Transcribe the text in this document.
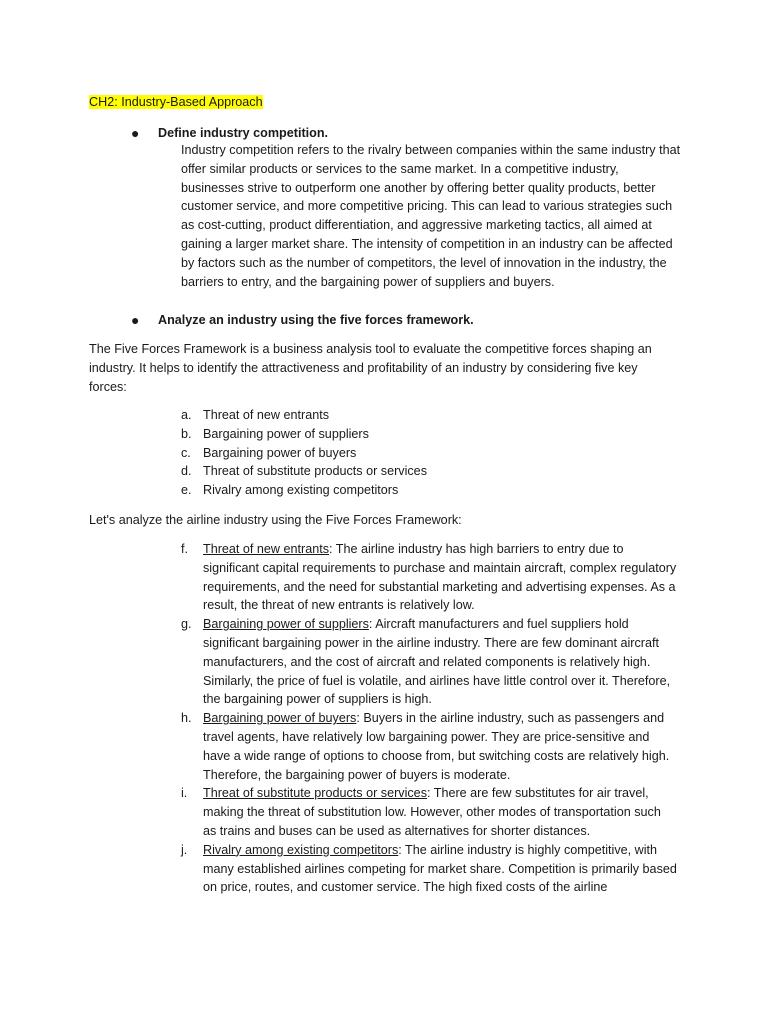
CH2: Industry-Based Approach
● Define industry competition.
Industry competition refers to the rivalry between companies within the same industry that offer similar products or services to the same market. In a competitive industry, businesses strive to outperform one another by offering better quality products, better customer service, and more competitive pricing. This can lead to various strategies such as cost-cutting, product differentiation, and aggressive marketing tactics, all aimed at gaining a larger market share. The intensity of competition in an industry can be affected by factors such as the number of competitors, the level of innovation in the industry, the barriers to entry, and the bargaining power of suppliers and buyers.
● Analyze an industry using the five forces framework.
The Five Forces Framework is a business analysis tool to evaluate the competitive forces shaping an industry. It helps to identify the attractiveness and profitability of an industry by considering five key forces:
a. Threat of new entrants
b. Bargaining power of suppliers
c. Bargaining power of buyers
d. Threat of substitute products or services
e. Rivalry among existing competitors
Let's analyze the airline industry using the Five Forces Framework:
f.	Threat of new entrants: The airline industry has high barriers to entry due to significant capital requirements to purchase and maintain aircraft, complex regulatory requirements, and the need for substantial marketing and advertising expenses. As a result, the threat of new entrants is relatively low.
g. Bargaining power of suppliers: Aircraft manufacturers and fuel suppliers hold significant bargaining power in the airline industry. There are few dominant aircraft manufacturers, and the cost of aircraft and related components is relatively high. Similarly, the price of fuel is volatile, and airlines have little control over it. Therefore, the bargaining power of suppliers is high.
h. Bargaining power of buyers: Buyers in the airline industry, such as passengers and travel agents, have relatively low bargaining power. They are price-sensitive and have a wide range of options to choose from, but switching costs are relatively high. Therefore, the bargaining power of buyers is moderate.
i.	Threat of substitute products or services: There are few substitutes for air travel, making the threat of substitution low. However, other modes of transportation such as trains and buses can be used as alternatives for shorter distances.
j.	Rivalry among existing competitors: The airline industry is highly competitive, with many established airlines competing for market share. Competition is primarily based on price, routes, and customer service. The high fixed costs of the airline
